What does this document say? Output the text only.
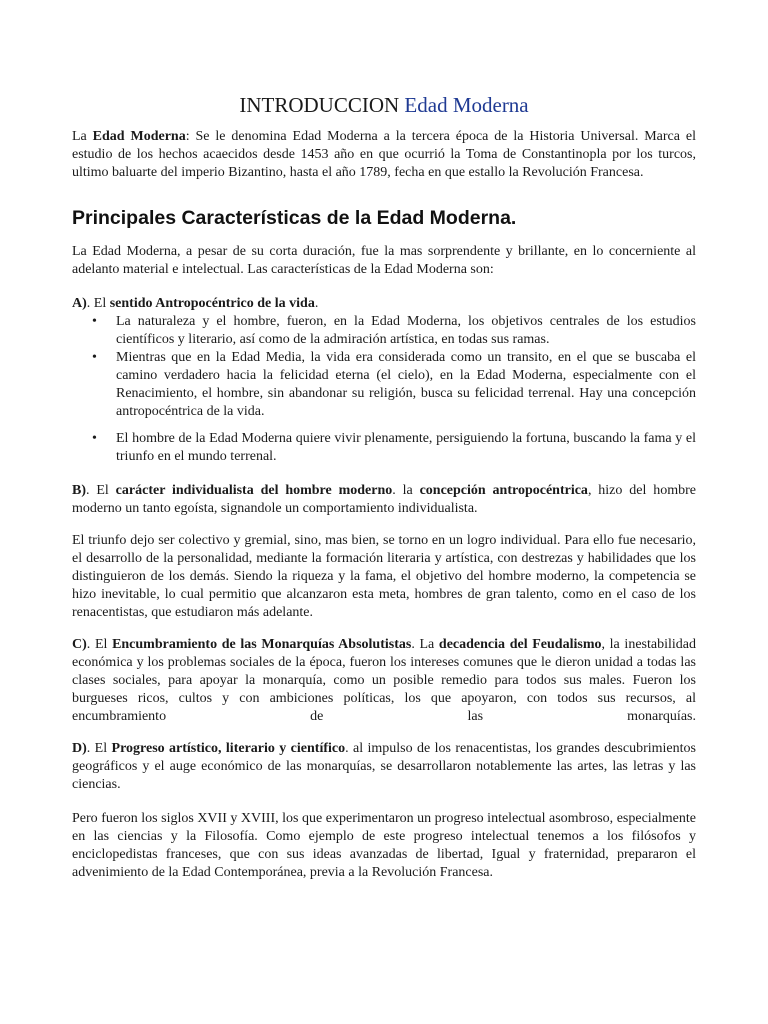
INTRODUCCION Edad Moderna

La Edad Moderna: Se le denomina Edad Moderna a la tercera época de la Historia Universal. Marca el estudio de los hechos acaecidos desde 1453 año en que ocurrió la Toma de Constantinopla por los turcos, ultimo baluarte del imperio Bizantino, hasta el año 1789, fecha en que estallo la Revolución Francesa.

Principales Características de la Edad Moderna.

La Edad Moderna, a pesar de su corta duración, fue la mas sorprendente y brillante, en lo concerniente al adelanto material e intelectual. Las características de la Edad Moderna son:

A). El sentido Antropocéntrico de la vida.

• La naturaleza y el hombre, fueron, en la Edad Moderna, los objetivos centrales de los estudios científicos y literario, así como de la admiración artística, en todas sus ramas.
• Mientras que en la Edad Media, la vida era considerada como un transito, en el que se buscaba el camino verdadero hacia la felicidad eterna (el cielo), en la Edad Moderna, especialmente con el Renacimiento, el hombre, sin abandonar su religión, busca su felicidad terrenal. Hay una concepción antropocéntrica de la vida.
• El hombre de la Edad Moderna quiere vivir plenamente, persiguiendo la fortuna, buscando la fama y el triunfo en el mundo terrenal.

B). El carácter individualista del hombre moderno. la concepción antropocéntrica, hizo del hombre moderno un tanto egoísta, signandole un comportamiento individualista.

El triunfo dejo ser colectivo y gremial, sino, mas bien, se torno en un logro individual. Para ello fue necesario, el desarrollo de la personalidad, mediante la formación literaria y artística, con destrezas y habilidades que los distinguieron de los demás. Siendo la riqueza y la fama, el objetivo del hombre moderno, la competencia se hizo inevitable, lo cual permitio que alcanzaron esta meta, hombres de gran talento, como en el caso de los renacentistas, que estudiaron más adelante.

C). El Encumbramiento de las Monarquías Absolutistas. La decadencia del Feudalismo, la inestabilidad económica y los problemas sociales de la época, fueron los intereses comunes que le dieron unidad a todas las clases sociales, para apoyar la monarquía, como un posible remedio para todos sus males. Fueron los burgueses ricos, cultos y con ambiciones políticas, los que apoyaron, con todos sus recursos, al encumbramiento de las monarquías.

D). El Progreso artístico, literario y científico. al impulso de los renacentistas, los grandes descubrimientos geográficos y el auge económico de las monarquías, se desarrollaron notablemente las artes, las letras y las ciencias.

Pero fueron los siglos XVII y XVIII, los que experimentaron un progreso intelectual asombroso, especialmente en las ciencias y la Filosofía. Como ejemplo de este progreso intelectual tenemos a los filósofos y enciclopedistas franceses, que con sus ideas avanzadas de libertad, Igual y fraternidad, prepararon el advenimiento de la Edad Contemporánea, previa a la Revolución Francesa.
